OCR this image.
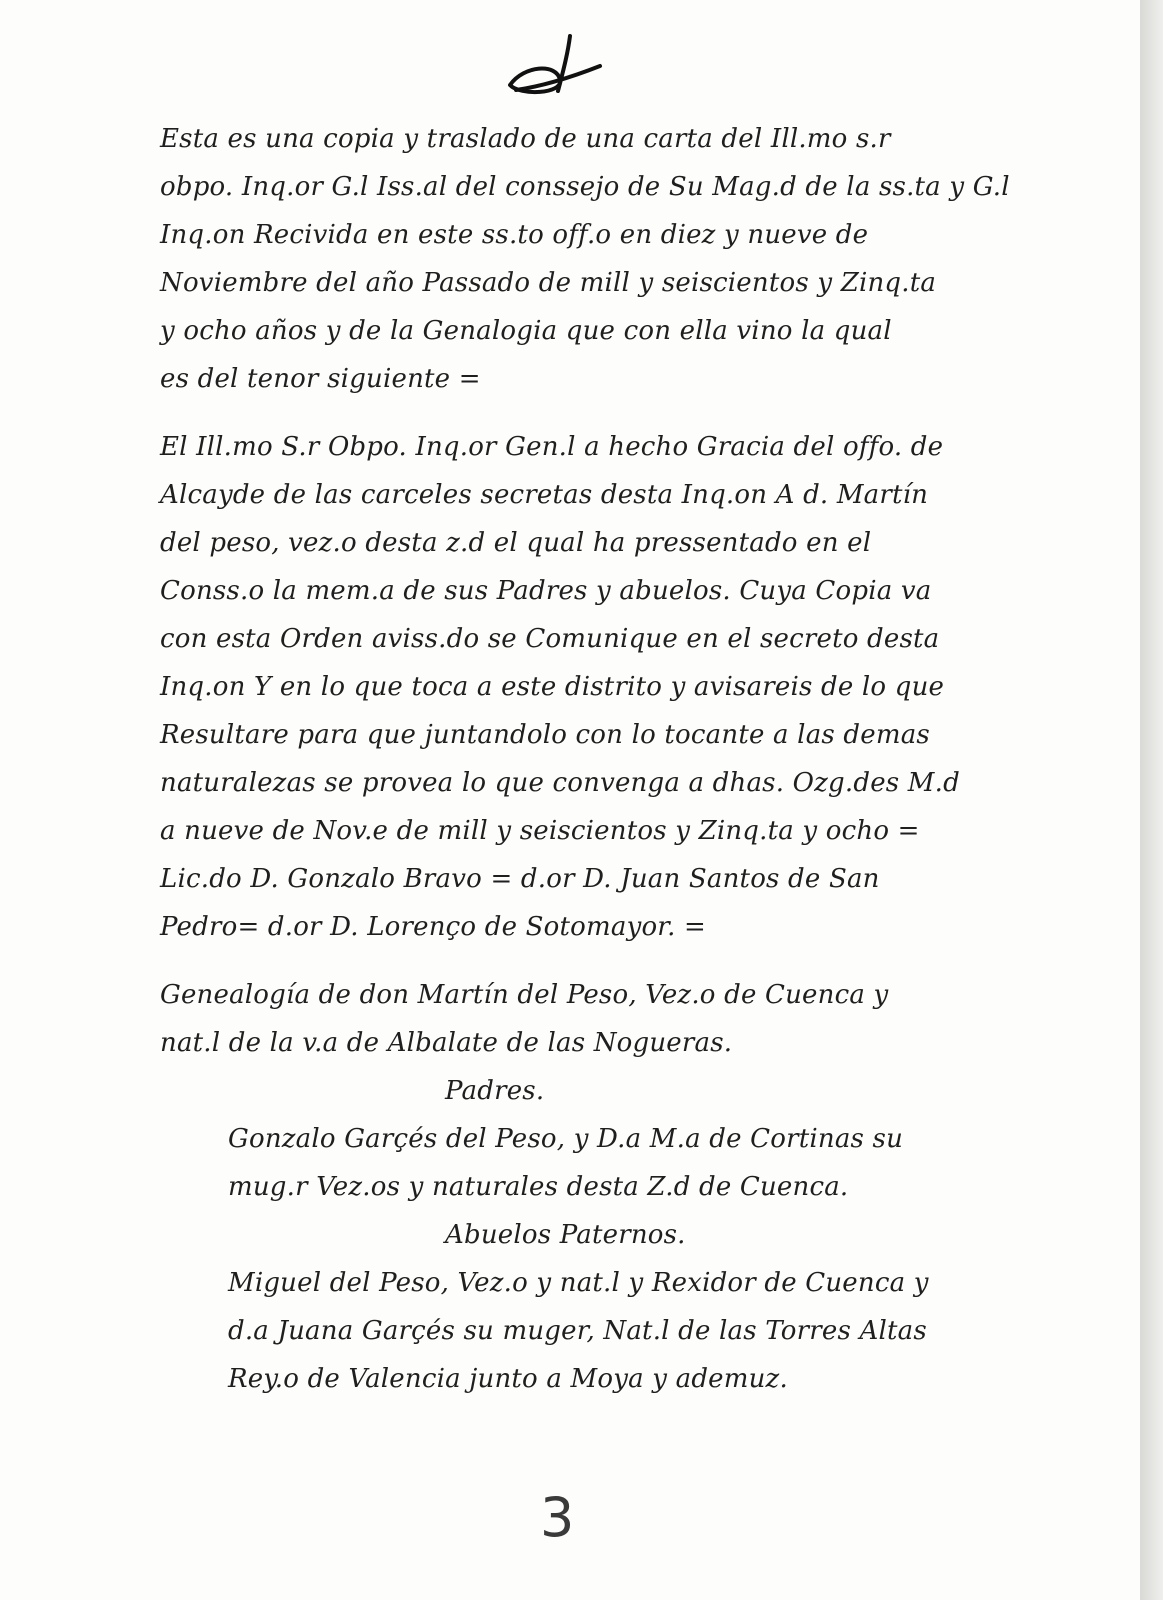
Esta es una copia y traslado de una carta del Ill.mo s.r
obpo. Inq.or G.l Iss.al del conssejo de Su Mag.d de la ss.ta y G.l
Inq.on Recivida en este ss.to off.o en diez y nueve de
Noviembre del año Passado de mill y seiscientos y Zinq.ta
y ocho años y de la Genalogia que con ella vino la qual
es del tenor siguiente =
El Ill.mo S.r Obpo. Inq.or Gen.l a hecho Gracia del offo. de
Alcayde de las carceles secretas desta Inq.on A d. Martín
del peso, vez.o desta z.d el qual ha pressentado en el
Conss.o la mem.a de sus Padres y abuelos. Cuya Copia va
con esta Orden aviss.do se Comunique en el secreto desta
Inq.on Y en lo que toca a este distrito y avisareis de lo que
Resultare para que juntandolo con lo tocante a las demas
naturalezas se provea lo que convenga a dhas. Ozg.des M.d
a nueve de Nov.e de mill y seiscientos y Zinq.ta y ocho =
Lic.do D. Gonzalo Bravo = d.or D. Juan Santos de San
Pedro= d.or D. Lorenço de Sotomayor. =
Genealogía de don Martín del Peso, Vez.o de Cuenca y
nat.l de la v.a de Albalate de las Nogueras.
Padres.
Gonzalo Garçés del Peso, y D.a M.a de Cortinas su
mug.r Vez.os y naturales desta Z.d de Cuenca.
Abuelos Paternos.
Miguel del Peso, Vez.o y nat.l y Rexidor de Cuenca y
d.a Juana Garçés su muger, Nat.l de las Torres Altas
Rey.o de Valencia junto a Moya y ademuz.
3
